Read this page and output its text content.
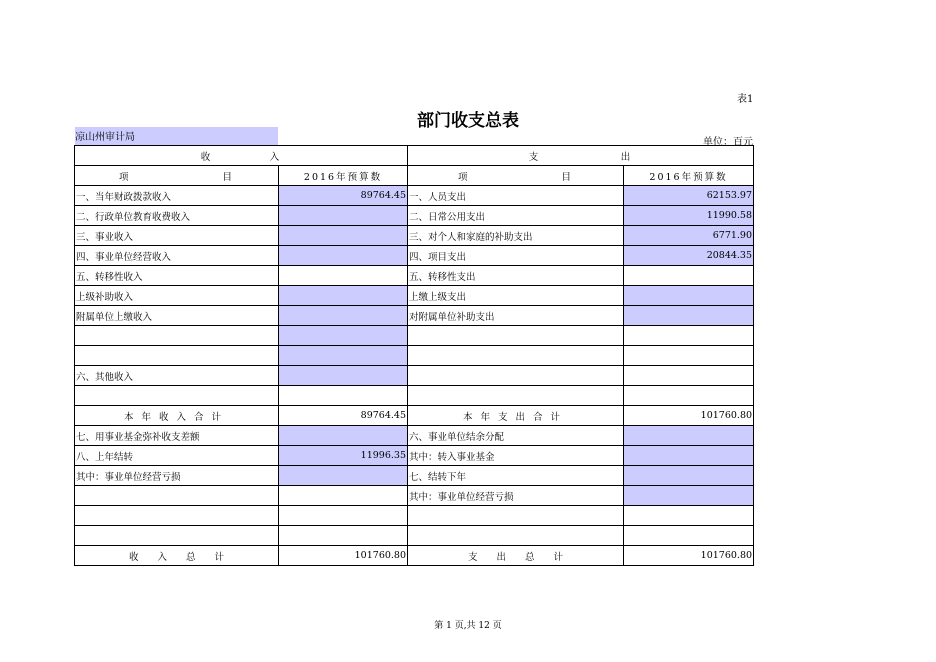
表1
部门收支总表
凉山州审计局	单位：百元
收　　　　　入		支　　　　　　　出	
项　　　　　　　　目	2016年预算数	项　　　　　　　　目	2016年预算数
一、当年财政拨款收入	89764.45	一、人员支出	62153.97
二、行政单位教育收费收入		二、日常公用支出	11990.58
三、事业收入		三、对个人和家庭的补助支出	6771.90
四、事业单位经营收入		四、项目支出	20844.35
五、转移性收入		五、转移性支出	
上级补助收入		上缴上级支出	
附属单位上缴收入		对附属单位补助支出	

六、其他收入			

本年收入合计	89764.45	本年支出合计	101760.80
七、用事业基金弥补收支差额		六、事业单位结余分配	
八、上年结转	11996.35	其中：转入事业基金	
其中：事业单位经营亏损		七、结转下年	
		其中：事业单位经营亏损	

收　　入　　总　　计	101760.80	支　　出　　总　　计	101760.80
第 1 页,共 12 页
